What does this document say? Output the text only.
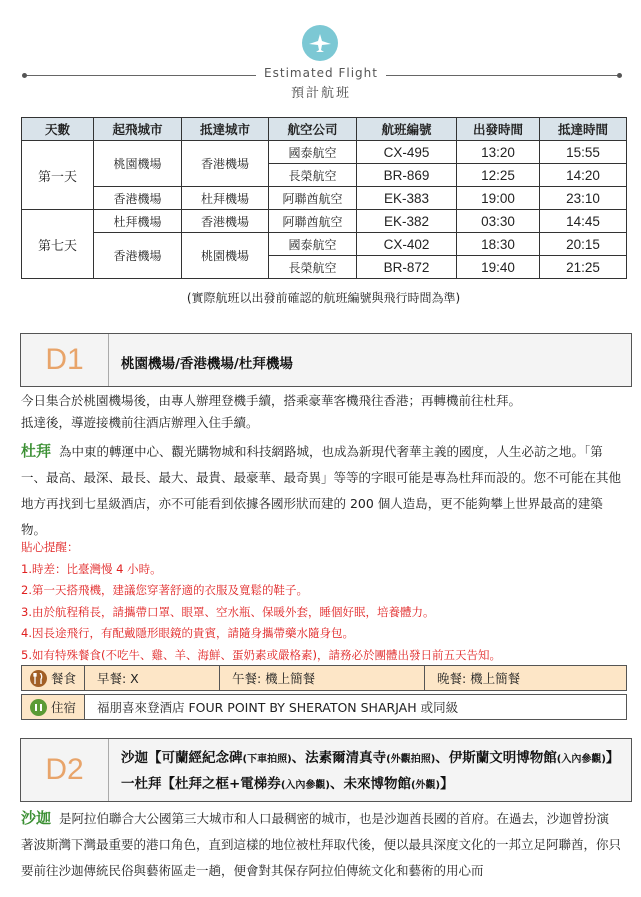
Estimated Flight
預計航班
天數	起飛城市	抵達城市	航空公司	航班編號	出發時間	抵達時間
第一天	桃園機場	香港機場	國泰航空	CX-495	13:20	15:55
			長榮航空	BR-869	12:25	14:20
	香港機場	杜拜機場	阿聯酋航空	EK-383	19:00	23:10
第七天	杜拜機場	香港機場	阿聯酋航空	EK-382	03:30	14:45
	香港機場	桃園機場	國泰航空	CX-402	18:30	20:15
			長榮航空	BR-872	19:40	21:25
(實際航班以出發前確認的航班編號與飛行時間為準)
D1	桃園機場/香港機場/杜拜機場
今日集合於桃園機場後，由專人辦理登機手續，搭乘豪華客機飛往香港；再轉機前往杜拜。
抵達後，導遊接機前往酒店辦理入住手續。
杜拜 為中東的轉運中心、觀光購物城和科技網路城，也成為新現代奢華主義的國度，人生必訪之地。「第一、最高、最深、最長、最大、最貴、最豪華、最奇異」等等的字眼可能是專為杜拜而設的。您不可能在其他地方再找到七星級酒店，亦不可能看到依據各國形狀而建的 200 個人造島，更不能夠攀上世界最高的建築物。
貼心提醒：
1.時差：比臺灣慢 4 小時。
2.第一天搭飛機，建議您穿著舒適的衣服及寬鬆的鞋子。
3.由於航程稍長，請攜帶口罩、眼罩、空水瓶、保暖外套，睡個好眠，培養體力。
4.因長途飛行，有配戴隱形眼鏡的貴賓，請隨身攜帶藥水隨身包。
5.如有特殊餐食(不吃牛、雞、羊、海鮮、蛋奶素或嚴格素)，請務必於團體出發日前五天告知。
餐食	早餐: X	午餐: 機上簡餐	晚餐: 機上簡餐
住宿	福朋喜來登酒店 FOUR POINT BY SHERATON SHARJAH 或同級
D2	沙迦【可蘭經紀念碑(下車拍照)、法素爾清真寺(外觀拍照)、伊斯蘭文明博物館(入內參觀)】一杜拜【杜拜之框+電梯券(入內參觀)、未來博物館(外觀)】
沙迦 是阿拉伯聯合大公國第三大城市和人口最稠密的城市，也是沙迦酋長國的首府。在過去，沙迦曾扮演著波斯灣下灣最重要的港口角色，直到這樣的地位被杜拜取代後，便以最具深度文化的一邦立足阿聯酋，你只要前往沙迦傳統民俗與藝術區走一趟，便會對其保存阿拉伯傳統文化和藝術的用心而
